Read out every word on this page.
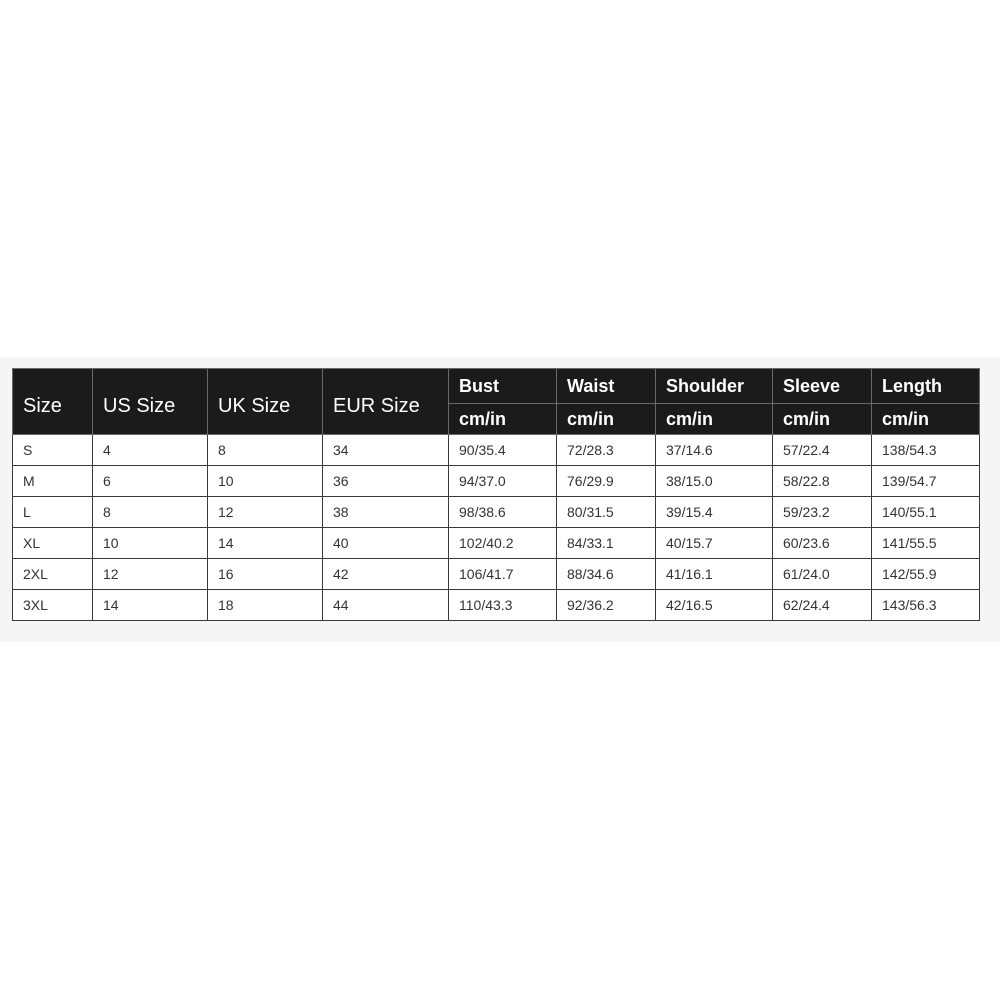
Size	US Size	UK Size	EUR Size	Bust	Waist	Shoulder	Sleeve	Length
				cm/in	cm/in	cm/in	cm/in	cm/in
S	4	8	34	90/35.4	72/28.3	37/14.6	57/22.4	138/54.3
M	6	10	36	94/37.0	76/29.9	38/15.0	58/22.8	139/54.7
L	8	12	38	98/38.6	80/31.5	39/15.4	59/23.2	140/55.1
XL	10	14	40	102/40.2	84/33.1	40/15.7	60/23.6	141/55.5
2XL	12	16	42	106/41.7	88/34.6	41/16.1	61/24.0	142/55.9
3XL	14	18	44	110/43.3	92/36.2	42/16.5	62/24.4	143/56.3
